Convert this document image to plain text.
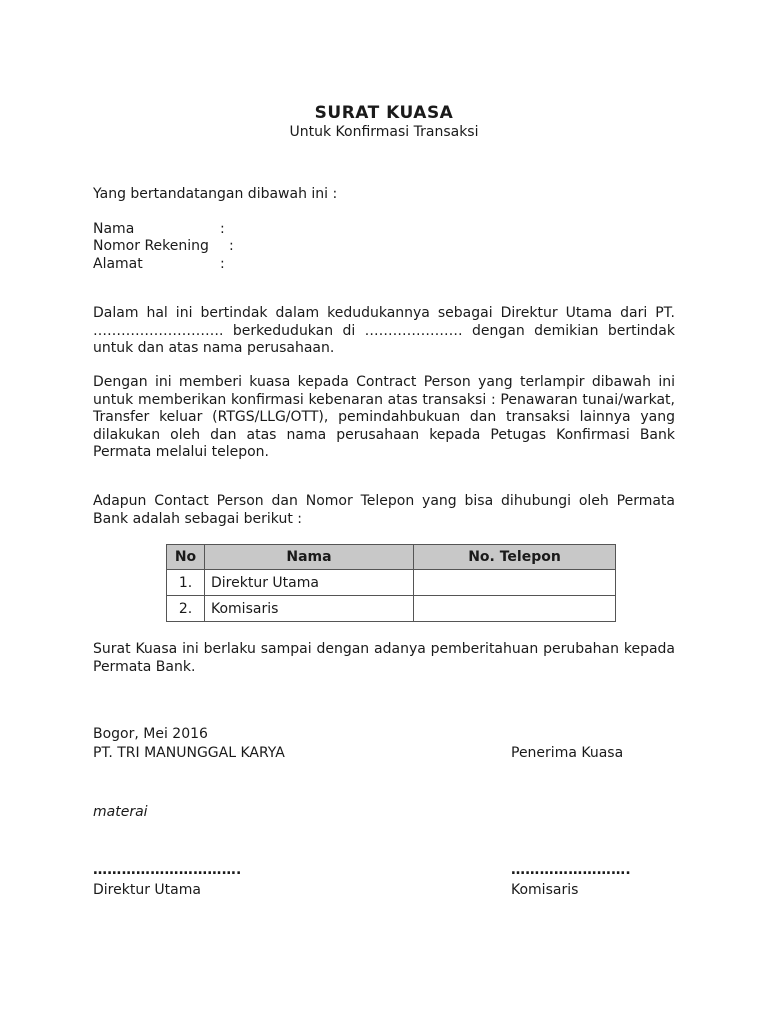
SURAT KUASA
Untuk Konfirmasi Transaksi
Yang bertandatangan dibawah ini :
Nama	:
Nomor Rekening :
Alamat	:
Dalam hal ini bertindak dalam kedudukannya sebagai Direktur Utama dari PT. ………………………. berkedudukan di ………………… dengan demikian bertindak untuk dan atas nama perusahaan.
Dengan ini memberi kuasa kepada Contract Person yang terlampir dibawah ini untuk memberikan konfirmasi kebenaran atas transaksi : Penawaran tunai/warkat, Transfer keluar (RTGS/LLG/OTT), pemindahbukuan dan transaksi lainnya yang dilakukan oleh dan atas nama perusahaan kepada Petugas Konfirmasi Bank Permata melalui telepon.
Adapun Contact Person dan Nomor Telepon yang bisa dihubungi oleh Permata Bank adalah sebagai berikut :
No	Nama	No. Telepon
1.	Direktur Utama	
2.	Komisaris	
Surat Kuasa ini berlaku sampai dengan adanya pemberitahuan perubahan kepada Permata Bank.
Bogor, Mei 2016
PT. TRI MANUNGGAL KARYA	Penerima Kuasa
materai
………………………….	…………………….
Direktur Utama	Komisaris
